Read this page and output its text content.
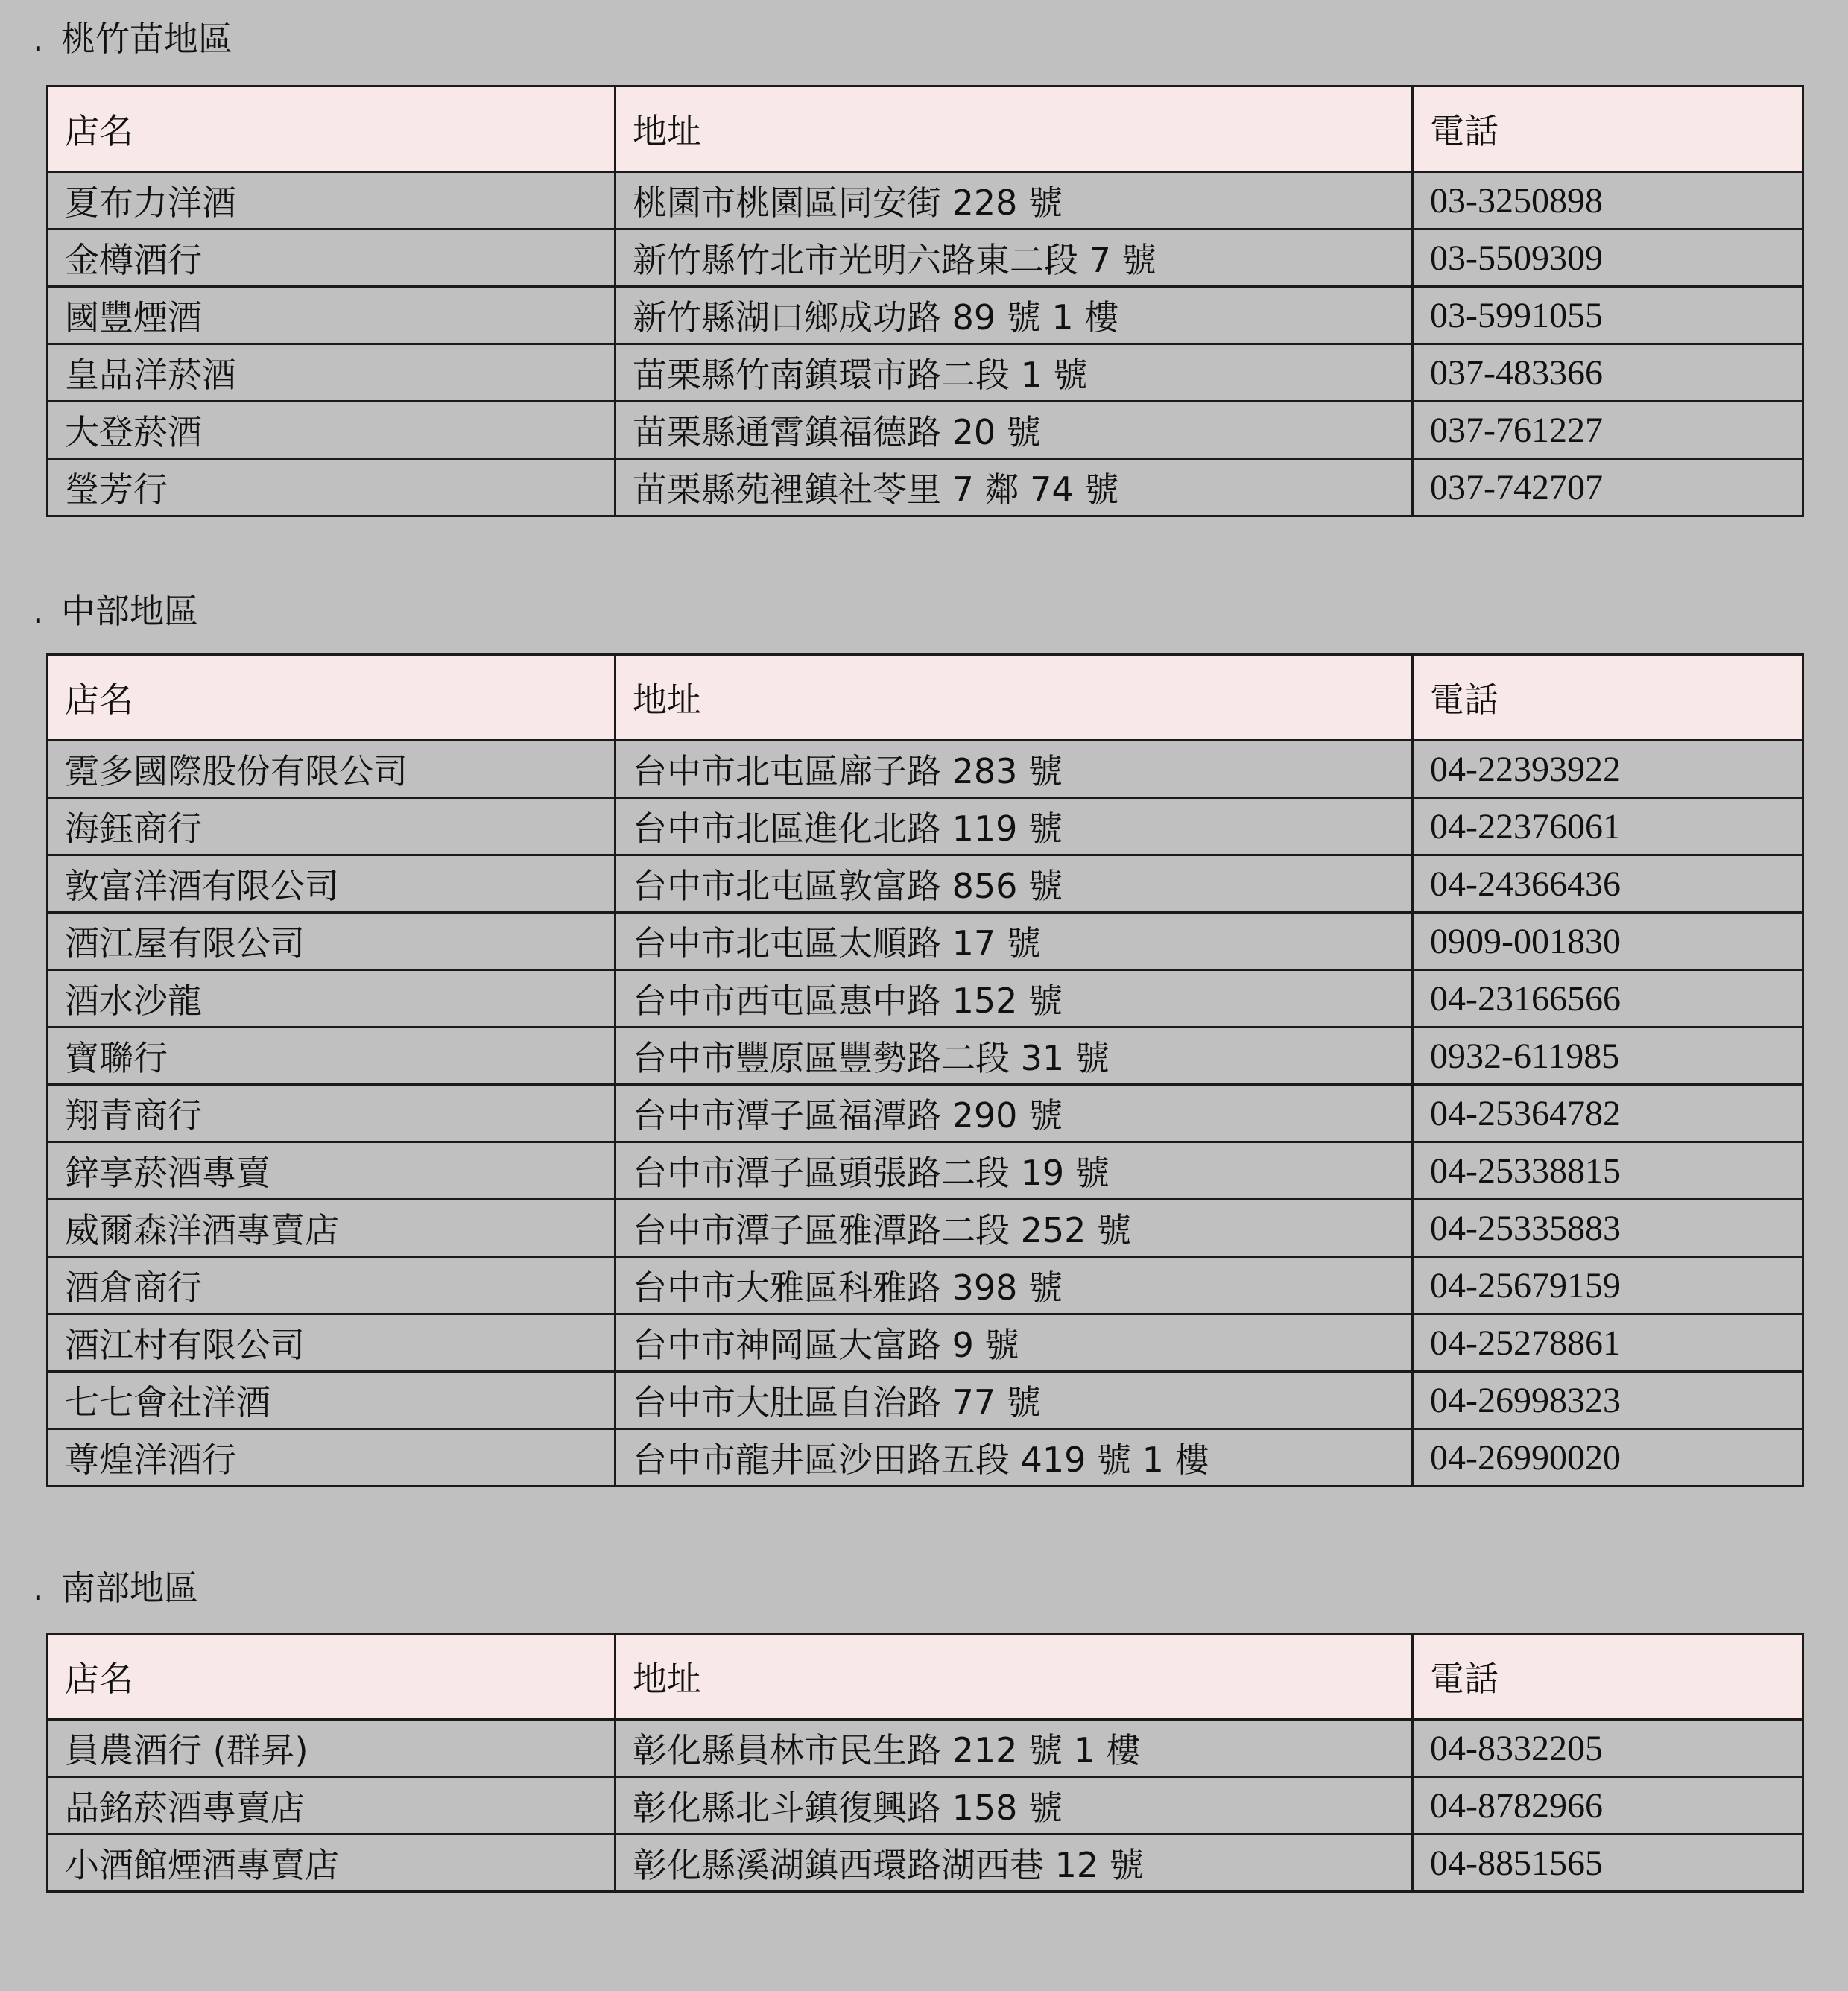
. 桃竹苗地區
店名	地址	電話
夏布力洋酒	桃園市桃園區同安街 228 號	03-3250898
金樽酒行	新竹縣竹北市光明六路東二段 7 號	03-5509309
國豐煙酒	新竹縣湖口鄉成功路 89 號 1 樓	03-5991055
皇品洋菸酒	苗栗縣竹南鎮環市路二段 1 號	037-483366
大登菸酒	苗栗縣通霄鎮福德路 20 號	037-761227
瑩芳行	苗栗縣苑裡鎮社苓里 7 鄰 74 號	037-742707
. 中部地區
店名	地址	電話
霓多國際股份有限公司	台中市北屯區廍子路 283 號	04-22393922
海鈺商行	台中市北區進化北路 119 號	04-22376061
敦富洋酒有限公司	台中市北屯區敦富路 856 號	04-24366436
酒江屋有限公司	台中市北屯區太順路 17 號	0909-001830
酒水沙龍	台中市西屯區惠中路 152 號	04-23166566
寶聯行	台中市豐原區豐勢路二段 31 號	0932-611985
翔青商行	台中市潭子區福潭路 290 號	04-25364782
鋅享菸酒專賣	台中市潭子區頭張路二段 19 號	04-25338815
威爾森洋酒專賣店	台中市潭子區雅潭路二段 252 號	04-25335883
酒倉商行	台中市大雅區科雅路 398 號	04-25679159
酒江村有限公司	台中市神岡區大富路 9 號	04-25278861
七七會社洋酒	台中市大肚區自治路 77 號	04-26998323
尊煌洋酒行	台中市龍井區沙田路五段 419 號 1 樓	04-26990020
. 南部地區
店名	地址	電話
員農酒行 (群昇)	彰化縣員林市民生路 212 號 1 樓	04-8332205
品銘菸酒專賣店	彰化縣北斗鎮復興路 158 號	04-8782966
小酒館煙酒專賣店	彰化縣溪湖鎮西環路湖西巷 12 號	04-8851565
